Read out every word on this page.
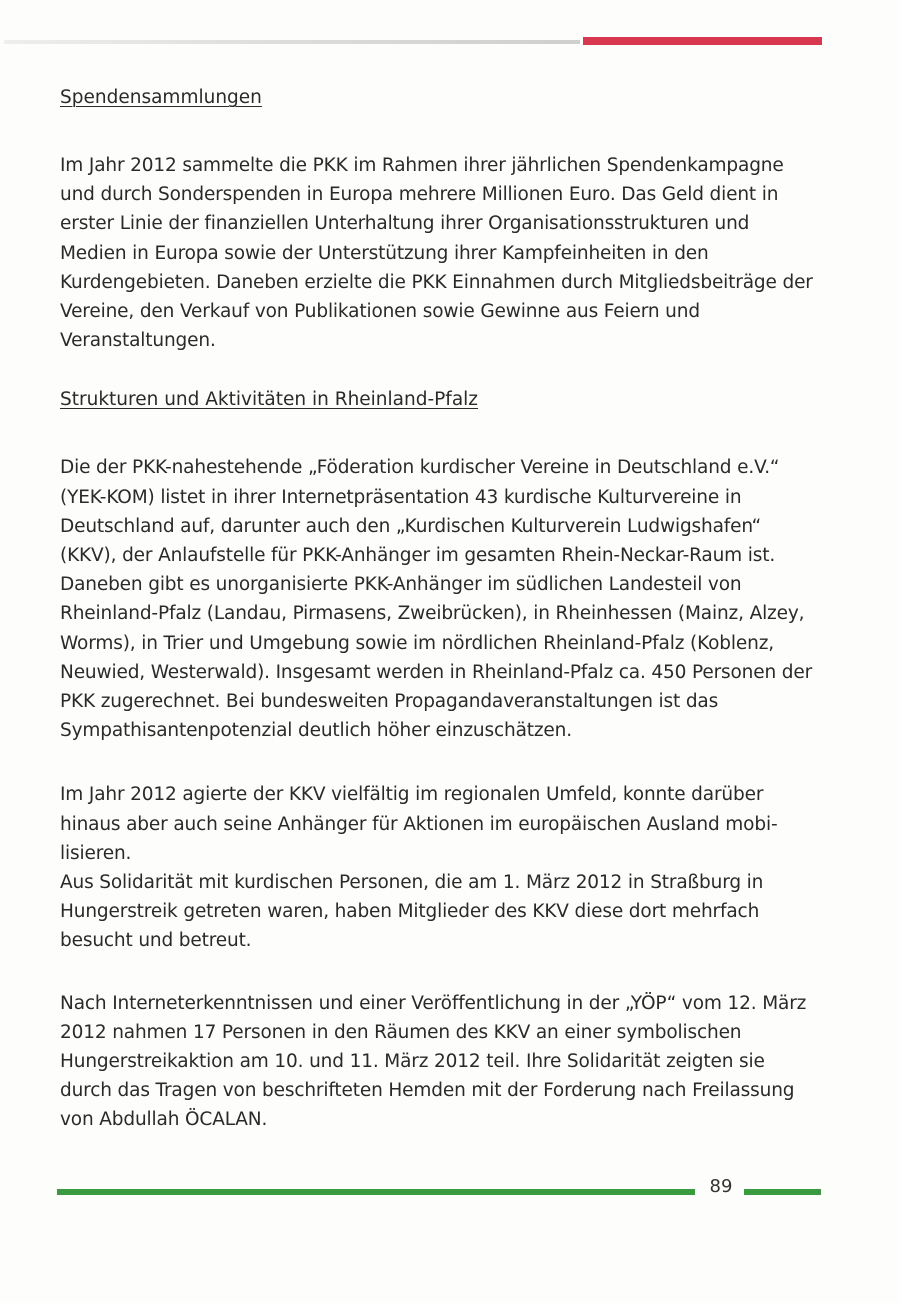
Spendensammlungen

Im Jahr 2012 sammelte die PKK im Rahmen ihrer jährlichen Spendenkampagne und durch Sonderspenden in Europa mehrere Millionen Euro. Das Geld dient in erster Linie der finanziellen Unterhaltung ihrer Organisationsstrukturen und Medien in Europa sowie der Unterstützung ihrer Kampfeinheiten in den Kurdengebieten. Daneben erzielte die PKK Einnahmen durch Mitgliedsbeiträge der Vereine, den Verkauf von Publikationen sowie Gewinne aus Feiern und Veranstaltungen.

Strukturen und Aktivitäten in Rheinland-Pfalz

Die der PKK-nahestehende „Föderation kurdischer Vereine in Deutschland e.V.“ (YEK-KOM) listet in ihrer Internetpräsentation 43 kurdische Kulturvereine in Deutschland auf, darunter auch den „Kurdischen Kulturverein Ludwigshafen“ (KKV), der Anlaufstelle für PKK-Anhänger im gesamten Rhein-Neckar-Raum ist. Daneben gibt es unorganisierte PKK-Anhänger im südlichen Landesteil von Rheinland-Pfalz (Landau, Pirmasens, Zweibrücken), in Rheinhessen (Mainz, Alzey, Worms), in Trier und Umgebung sowie im nördlichen Rheinland-Pfalz (Koblenz, Neuwied, Westerwald). Insgesamt werden in Rheinland-Pfalz ca. 450 Personen der PKK zugerechnet. Bei bundesweiten Propagandaveranstaltungen ist das Sympathisantenpotenzial deutlich höher einzuschätzen.

Im Jahr 2012 agierte der KKV vielfältig im regionalen Umfeld, konnte darüber hinaus aber auch seine Anhänger für Aktionen im europäischen Ausland mobilisieren.

Aus Solidarität mit kurdischen Personen, die am 1. März 2012 in Straßburg in Hungerstreik getreten waren, haben Mitglieder des KKV diese dort mehrfach besucht und betreut.

Nach Interneterkenntnissen und einer Veröffentlichung in der „YÖP“ vom 12. März 2012 nahmen 17 Personen in den Räumen des KKV an einer symbolischen Hungerstreikaktion am 10. und 11. März 2012 teil. Ihre Solidarität zeigten sie durch das Tragen von beschrifteten Hemden mit der Forderung nach Freilassung von Abdullah ÖCALAN.

89
